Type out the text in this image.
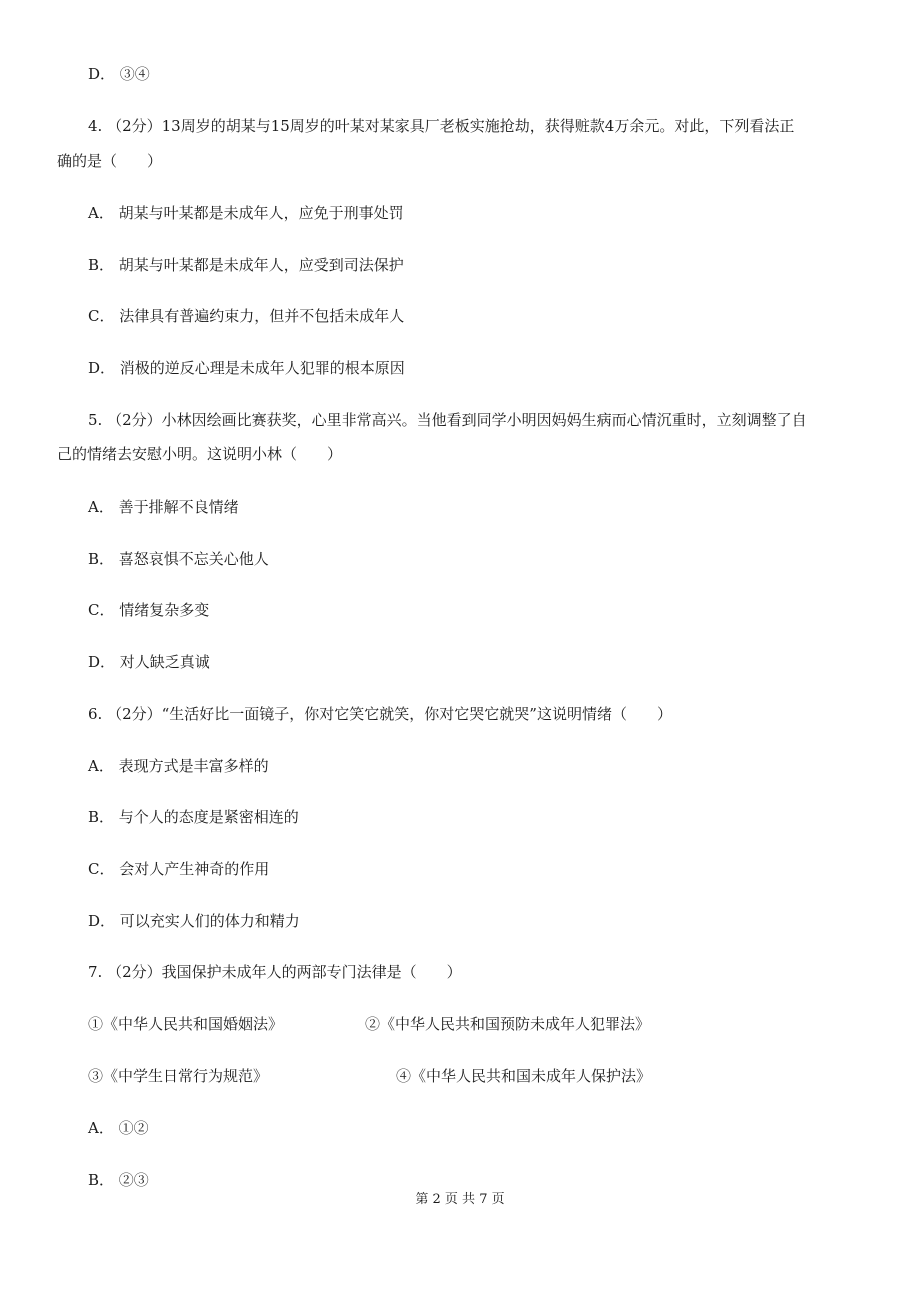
D． ③④
4. （2分）13周岁的胡某与15周岁的叶某对某家具厂老板实施抢劫，获得赃款4万余元。对此，下列看法正
确的是（　　）
A． 胡某与叶某都是未成年人，应免于刑事处罚
B． 胡某与叶某都是未成年人，应受到司法保护
C． 法律具有普遍约束力，但并不包括未成年人
D． 消极的逆反心理是未成年人犯罪的根本原因
5. （2分）小林因绘画比赛获奖，心里非常高兴。当他看到同学小明因妈妈生病而心情沉重时，立刻调整了自
己的情绪去安慰小明。这说明小林（　　）
A． 善于排解不良情绪
B． 喜怒哀惧不忘关心他人
C． 情绪复杂多变
D． 对人缺乏真诚
6. （2分）“生活好比一面镜子，你对它笑它就笑，你对它哭它就哭”这说明情绪（　　）
A． 表现方式是丰富多样的
B． 与个人的态度是紧密相连的
C． 会对人产生神奇的作用
D． 可以充实人们的体力和精力
7. （2分）我国保护未成年人的两部专门法律是（　　）
①《中华人民共和国婚姻法》	②《中华人民共和国预防未成年人犯罪法》
③《中学生日常行为规范》	④《中华人民共和国未成年人保护法》
A． ①②
B． ②③
第 2 页 共 7 页
